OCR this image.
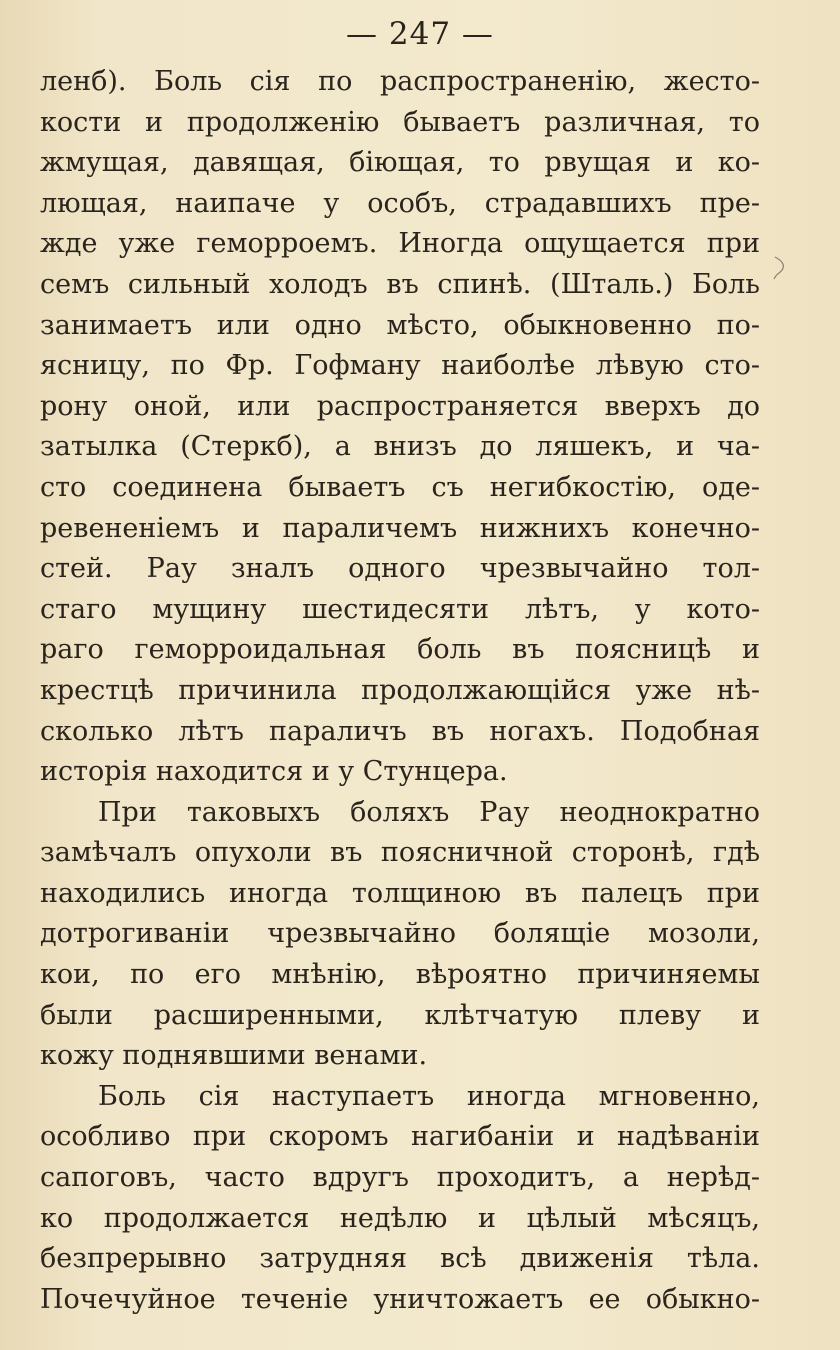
— 247 —
ленб). Боль сія по распространенію, жесто-
кости и продолженію бываетъ различная, то
жмущая, давящая, біющая, то рвущая и ко-
лющая, наипаче у особъ, страдавшихъ пре-
жде уже геморроемъ. Иногда ощущается при
семъ сильный холодъ въ спинѣ. (Шталь.) Боль
занимаетъ или одно мѣсто, обыкновенно по-
ясницу, по Фр. Гофману наиболѣе лѣвую сто-
рону оной, или распространяется вверхъ до
затылка (Стеркб), а внизъ до ляшекъ, и ча-
сто соединена бываетъ съ негибкостію, оде-
ревененіемъ и параличемъ нижнихъ конечно-
стей. Рау зналъ одного чрезвычайно тол-
стаго мущину шестидесяти лѣтъ, у кото-
раго геморроидальная боль въ поясницѣ и
крестцѣ причинила продолжающійся уже нѣ-
сколько лѣтъ параличъ въ ногахъ. Подобная
исторія находится и у Стунцера.
При таковыхъ боляхъ Рау неоднократно
замѣчалъ опухоли въ поясничной сторонѣ, гдѣ
находились иногда толщиною въ палецъ при
дотрогиваніи чрезвычайно болящіе мозоли,
кои, по его мнѣнію, вѣроятно причиняемы
были расширенными, клѣтчатую плеву и
кожу поднявшими венами.
Боль сія наступаетъ иногда мгновенно,
особливо при скоромъ нагибаніи и надѣваніи
сапоговъ, часто вдругъ проходитъ, а нерѣд-
ко продолжается недѣлю и цѣлый мѣсяцъ,
безпрерывно затрудняя всѣ движенія тѣла.
Почечуйное теченіе уничтожаетъ ее обыкно-
